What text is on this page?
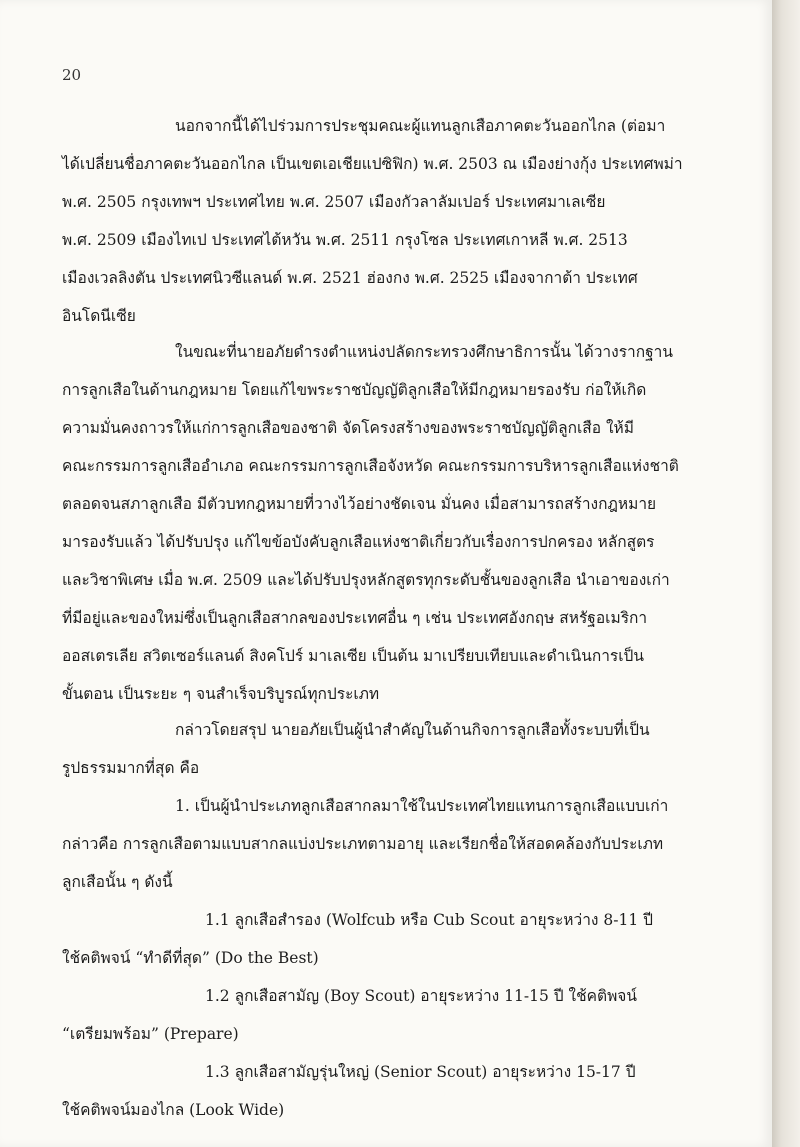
20
นอกจากนี้ได้ไปร่วมการประชุมคณะผู้แทนลูกเสือภาคตะวันออกไกล (ต่อมา
ได้เปลี่ยนชื่อภาคตะวันออกไกล เป็นเขตเอเชียแปซิฟิก) พ.ศ. 2503 ณ เมืองย่างกุ้ง ประเทศพม่า
พ.ศ. 2505 กรุงเทพฯ ประเทศไทย พ.ศ. 2507 เมืองกัวลาลัมเปอร์ ประเทศมาเลเซีย
พ.ศ. 2509 เมืองไทเป ประเทศไต้หวัน พ.ศ. 2511 กรุงโซล ประเทศเกาหลี พ.ศ. 2513
เมืองเวลลิงตัน ประเทศนิวซีแลนด์ พ.ศ. 2521 ฮ่องกง พ.ศ. 2525 เมืองจากาต้า ประเทศ
อินโดนีเซีย
ในขณะที่นายอภัยดำรงตำแหน่งปลัดกระทรวงศึกษาธิการนั้น ได้วางรากฐาน
การลูกเสือในด้านกฎหมาย โดยแก้ไขพระราชบัญญัติลูกเสือให้มีกฎหมายรองรับ ก่อให้เกิด
ความมั่นคงถาวรให้แก่การลูกเสือของชาติ จัดโครงสร้างของพระราชบัญญัติลูกเสือ ให้มี
คณะกรรมการลูกเสืออำเภอ คณะกรรมการลูกเสือจังหวัด คณะกรรมการบริหารลูกเสือแห่งชาติ
ตลอดจนสภาลูกเสือ มีตัวบทกฎหมายที่วางไว้อย่างชัดเจน มั่นคง เมื่อสามารถสร้างกฎหมาย
มารองรับแล้ว ได้ปรับปรุง แก้ไขข้อบังคับลูกเสือแห่งชาติเกี่ยวกับเรื่องการปกครอง หลักสูตร
และวิชาพิเศษ เมื่อ พ.ศ. 2509 และได้ปรับปรุงหลักสูตรทุกระดับชั้นของลูกเสือ นำเอาของเก่า
ที่มีอยู่และของใหม่ซึ่งเป็นลูกเสือสากลของประเทศอื่น ๆ เช่น ประเทศอังกฤษ สหรัฐอเมริกา
ออสเตรเลีย สวิตเซอร์แลนด์ สิงคโปร์ มาเลเซีย เป็นต้น มาเปรียบเทียบและดำเนินการเป็น
ขั้นตอน เป็นระยะ ๆ จนสำเร็จบริบูรณ์ทุกประเภท
กล่าวโดยสรุป นายอภัยเป็นผู้นำสำคัญในด้านกิจการลูกเสือทั้งระบบที่เป็น
รูปธรรมมากที่สุด คือ
1. เป็นผู้นำประเภทลูกเสือสากลมาใช้ในประเทศไทยแทนการลูกเสือแบบเก่า
กล่าวคือ การลูกเสือตามแบบสากลแบ่งประเภทตามอายุ และเรียกชื่อให้สอดคล้องกับประเภท
ลูกเสือนั้น ๆ ดังนี้
1.1 ลูกเสือสำรอง (Wolfcub หรือ Cub Scout อายุระหว่าง 8-11 ปี
ใช้คติพจน์ “ทำดีที่สุด” (Do the Best)
1.2 ลูกเสือสามัญ (Boy Scout) อายุระหว่าง 11-15 ปี ใช้คติพจน์
“เตรียมพร้อม” (Prepare)
1.3 ลูกเสือสามัญรุ่นใหญ่ (Senior Scout) อายุระหว่าง 15-17 ปี
ใช้คติพจน์มองไกล (Look Wide)
